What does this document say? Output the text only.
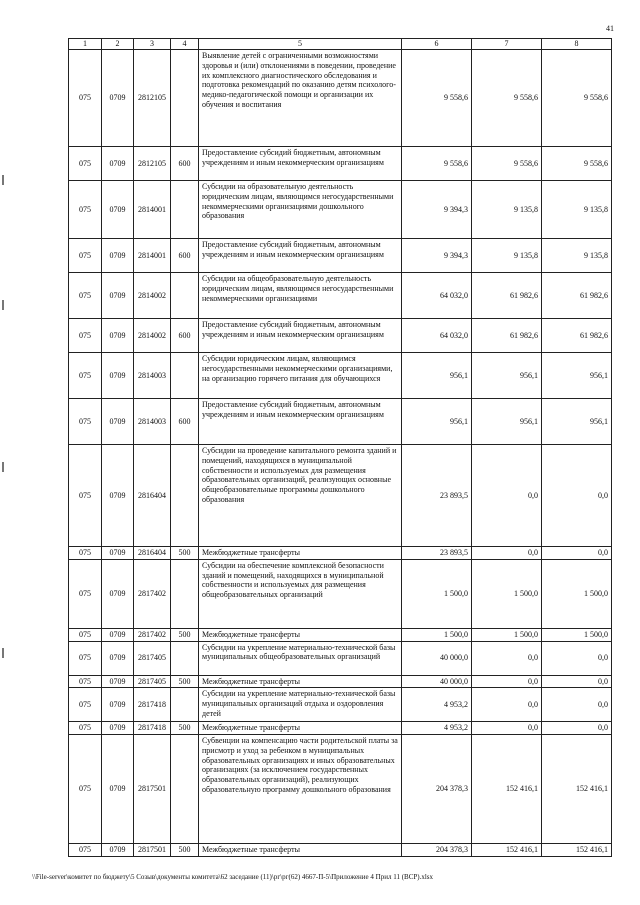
41
1	2	3	4	5	6	7	8
075	0709	2812105		Выявление детей с ограниченными возможностями здоровья и (или) отклонениями в поведении, проведение их комплексного диагностического обследования и подготовка рекомендаций по оказанию детям психолого-медико-педагогической помощи и организации их обучения и воспитания	9 558,6	9 558,6	9 558,6
075	0709	2812105	600	Предоставление субсидий бюджетным, автономным учреждениям и иным некоммерческим организациям	9 558,6	9 558,6	9 558,6
075	0709	2814001		Субсидии на образовательную деятельность юридическим лицам, являющимся негосударственными некоммерческими организациями дошкольного образования	9 394,3	9 135,8	9 135,8
075	0709	2814001	600	Предоставление субсидий бюджетным, автономным учреждениям и иным некоммерческим организациям	9 394,3	9 135,8	9 135,8
075	0709	2814002		Субсидии на общеобразовательную деятельность юридическим лицам, являющимся негосударственными некоммерческими организациями	64 032,0	61 982,6	61 982,6
075	0709	2814002	600	Предоставление субсидий бюджетным, автономным учреждениям и иным некоммерческим организациям	64 032,0	61 982,6	61 982,6
075	0709	2814003		Субсидии юридическим лицам, являющимся негосударственными некоммерческими организациями, на организацию горячего питания для обучающихся	956,1	956,1	956,1
075	0709	2814003	600	Предоставление субсидий бюджетным, автономным учреждениям и иным некоммерческим организациям	956,1	956,1	956,1
075	0709	2816404		Субсидии на проведение капитального ремонта зданий и помещений, находящихся в муниципальной собственности и используемых для размещения образовательных организаций, реализующих основные общеобразовательные программы дошкольного образования	23 893,5	0,0	0,0
075	0709	2816404	500	Межбюджетные трансферты	23 893,5	0,0	0,0
075	0709	2817402		Субсидии на обеспечение комплексной безопасности зданий и помещений, находящихся в муниципальной собственности и используемых для размещения общеобразовательных организаций	1 500,0	1 500,0	1 500,0
075	0709	2817402	500	Межбюджетные трансферты	1 500,0	1 500,0	1 500,0
075	0709	2817405		Субсидии на укрепление материально-технической базы муниципальных общеобразовательных организаций	40 000,0	0,0	0,0
075	0709	2817405	500	Межбюджетные трансферты	40 000,0	0,0	0,0
075	0709	2817418		Субсидии на укрепление материально-технической базы муниципальных организаций отдыха и оздоровления детей	4 953,2	0,0	0,0
075	0709	2817418	500	Межбюджетные трансферты	4 953,2	0,0	0,0
075	0709	2817501		Субвенции на компенсацию части родительской платы за присмотр и уход за ребенком в муниципальных образовательных организациях и иных образовательных организациях (за исключением государственных образовательных организаций), реализующих образовательную программу дошкольного образования	204 378,3	152 416,1	152 416,1
075	0709	2817501	500	Межбюджетные трансферты	204 378,3	152 416,1	152 416,1
\\File-server\комитет по бюджету\5 Созыв\документы комитета\62 заседание (11)\рг\рг(62) 4667-П-5\Приложение 4 Прил 11 (ВСР).xlsx
